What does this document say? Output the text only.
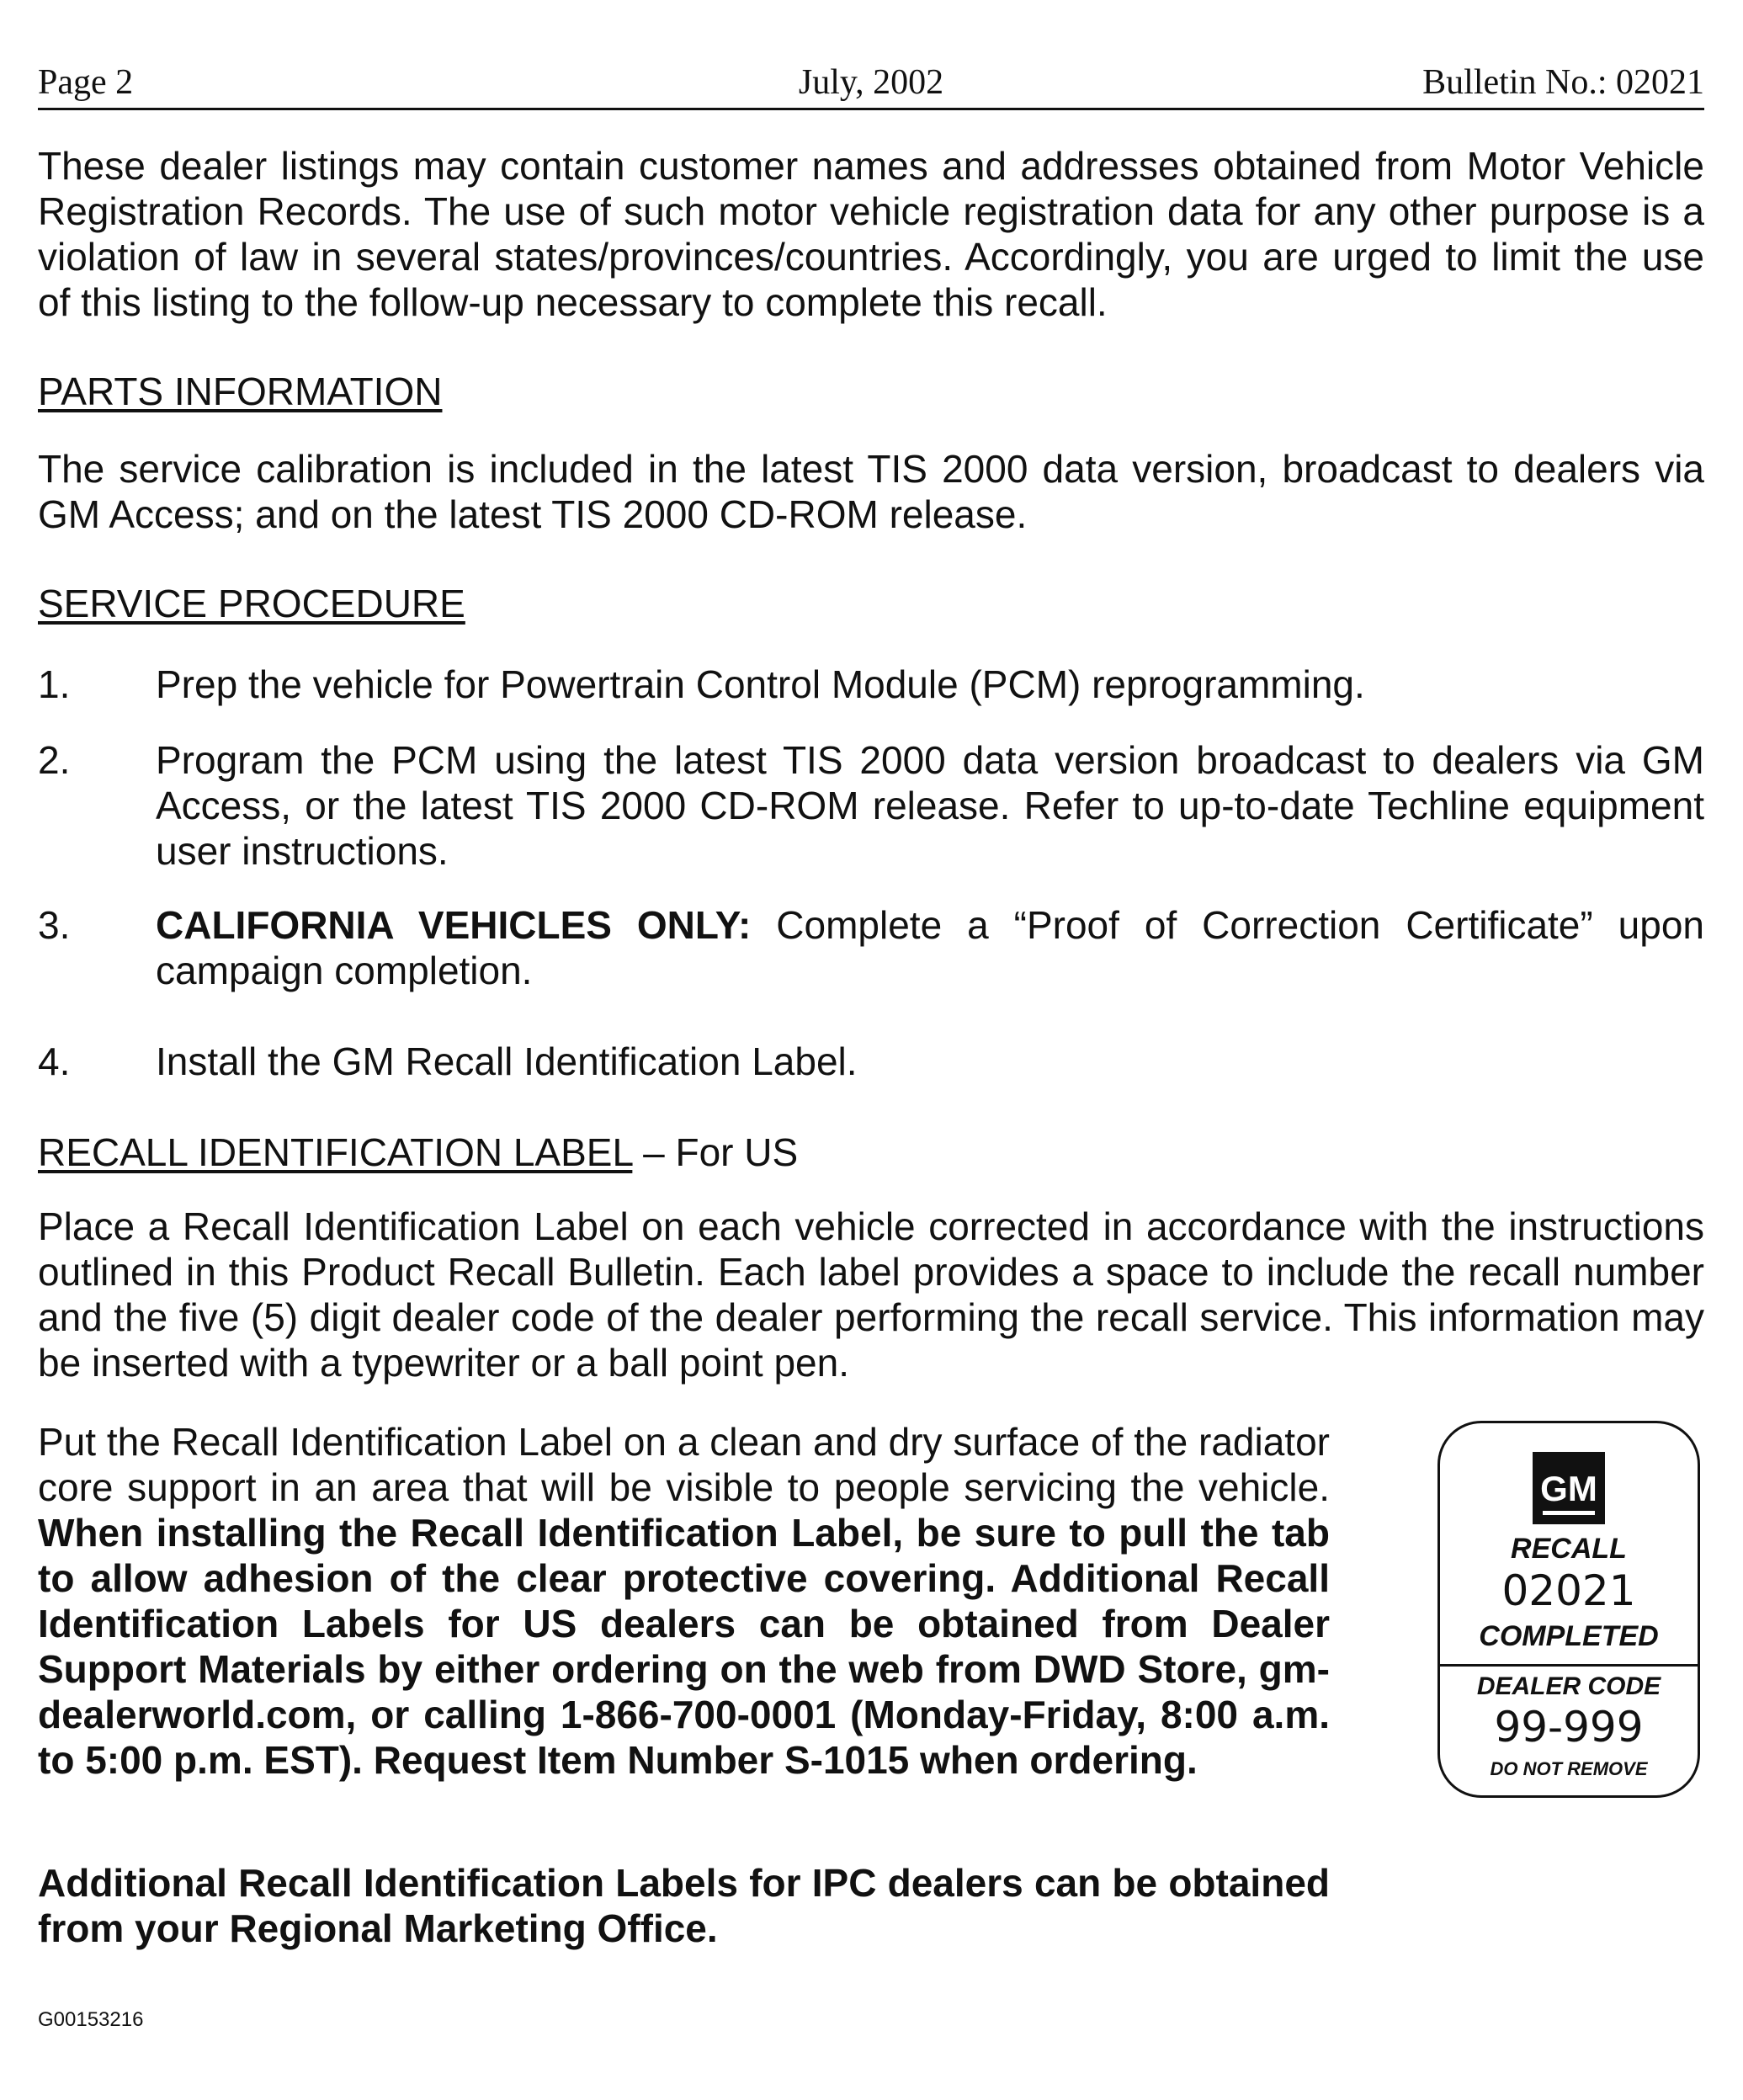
Page 2	July, 2002	Bulletin No.: 02021

These dealer listings may contain customer names and addresses obtained from Motor Vehicle Registration Records. The use of such motor vehicle registration data for any other purpose is a violation of law in several states/provinces/countries. Accordingly, you are urged to limit the use of this listing to the follow-up necessary to complete this recall.

PARTS INFORMATION

The service calibration is included in the latest TIS 2000 data version, broadcast to dealers via GM Access; and on the latest TIS 2000 CD-ROM release.

SERVICE PROCEDURE

1. Prep the vehicle for Powertrain Control Module (PCM) reprogramming.
2. Program the PCM using the latest TIS 2000 data version broadcast to dealers via GM Access, or the latest TIS 2000 CD-ROM release. Refer to up-to-date Techline equipment user instructions.
3. CALIFORNIA VEHICLES ONLY: Complete a “Proof of Correction Certificate” upon campaign completion.
4. Install the GM Recall Identification Label.

RECALL IDENTIFICATION LABEL – For US

Place a Recall Identification Label on each vehicle corrected in accordance with the instructions outlined in this Product Recall Bulletin. Each label provides a space to include the recall number and the five (5) digit dealer code of the dealer performing the recall service. This information may be inserted with a typewriter or a ball point pen.

Put the Recall Identification Label on a clean and dry surface of the radiator core support in an area that will be visible to people servicing the vehicle. When installing the Recall Identification Label, be sure to pull the tab to allow adhesion of the clear protective covering. Additional Recall Identification Labels for US dealers can be obtained from Dealer Support Materials by either ordering on the web from DWD Store, gm-dealerworld.com, or calling 1-866-700-0001 (Monday-Friday, 8:00 a.m. to 5:00 p.m. EST). Request Item Number S-1015 when ordering.

Additional Recall Identification Labels for IPC dealers can be obtained from your Regional Marketing Office.

G00153216
GM
RECALL
02021
COMPLETED
DEALER CODE
99-999
DO NOT REMOVE
